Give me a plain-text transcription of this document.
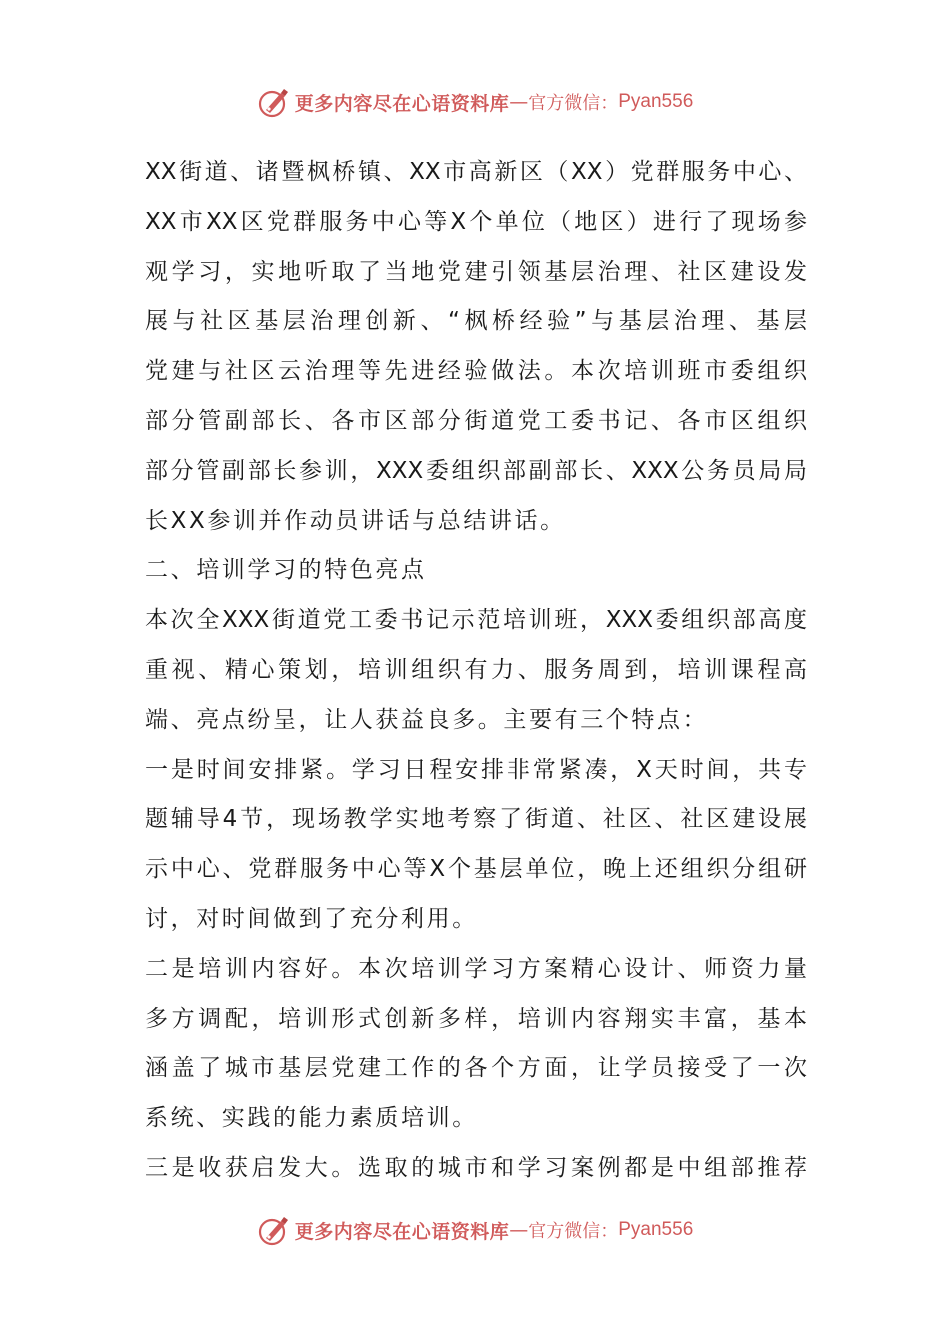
更多内容尽在心语资料库 — 官方微信： Pyan556
XX街道、诸暨枫桥镇、XX市高新区（XX）党群服务中心、
XX市XX区党群服务中心等X个单位（地区）进行了现场参
观学习，实地听取了当地党建引领基层治理、社区建设发
展与社区基层治理创新、“枫桥经验”与基层治理、基层
党建与社区云治理等先进经验做法。本次培训班市委组织
部分管副部长、各市区部分街道党工委书记、各市区组织
部分管副部长参训，XXX委组织部副部长、XXX公务员局局
长XX参训并作动员讲话与总结讲话。
二、培训学习的特色亮点
本次全XXX街道党工委书记示范培训班，XXX委组织部高度
重视、精心策划，培训组织有力、服务周到，培训课程高
端、亮点纷呈，让人获益良多。主要有三个特点：
一是时间安排紧。学习日程安排非常紧凑，X天时间，共专
题辅导4节，现场教学实地考察了街道、社区、社区建设展
示中心、党群服务中心等X个基层单位，晚上还组织分组研
讨，对时间做到了充分利用。
二是培训内容好。本次培训学习方案精心设计、师资力量
多方调配，培训形式创新多样，培训内容翔实丰富，基本
涵盖了城市基层党建工作的各个方面，让学员接受了一次
系统、实践的能力素质培训。
三是收获启发大。选取的城市和学习案例都是中组部推荐
更多内容尽在心语资料库 — 官方微信： Pyan556
